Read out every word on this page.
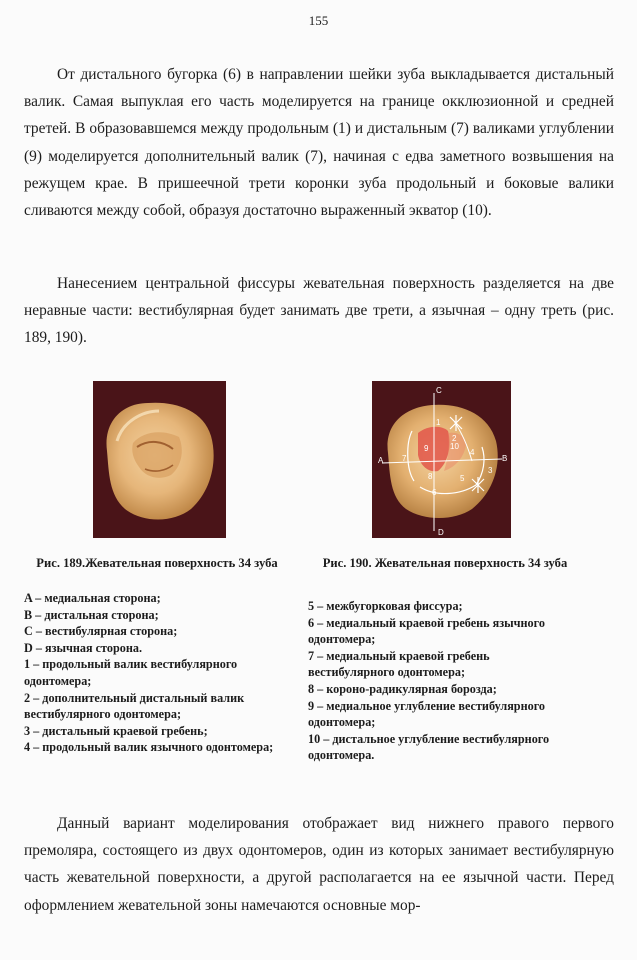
155

От дистального бугорка (6) в направлении шейки зуба выкладывается дистальный валик. Самая выпуклая его часть моделируется на границе окклюзионной и средней третей. В образовавшемся между продольным (1) и дистальным (7) валиками углублении (9) моделируется дополнительный валик (7), начиная с едва заметного возвышения на режущем крае. В пришеечной трети коронки зуба продольный и боковые валики сливаются между собой, образуя достаточно выраженный экватор (10).

Нанесением центральной фиссуры жевательная поверхность разделяется на две неравные части: вестибулярная будет занимать две трети, а язычная – одну треть (рис. 189, 190).

C
A	B
D
1
2
3
4
5
6
7
8
9	10
Рис. 189.Жевательная поверхность 34 зуба	Рис. 190. Жевательная поверхность 34 зуба
A – медиальная сторона;
B – дистальная сторона;
C – вестибулярная сторона;
D – язычная сторона.
1 – продольный валик вестибулярного одонтомера;
2 – дополнительный дистальный валик вестибулярного одонтомера;
3 – дистальный краевой гребень;
4 – продольный валик язычного одонтомера;
5 – межбугорковая фиссура;
6 – медиальный краевой гребень язычного одонтомера;
7 – медиальный краевой гребень вестибулярного одонтомера;
8 – короно-радикулярная борозда;
9 – медиальное углубление вестибулярного одонтомера;
10 – дистальное углубление вестибулярного одонтомера.

Данный вариант моделирования отображает вид нижнего правого первого премоляра, состоящего из двух одонтомеров, один из которых занимает вестибулярную часть жевательной поверхности, а другой располагается на ее язычной части. Перед оформлением жевательной зоны намечаются основные мор-
